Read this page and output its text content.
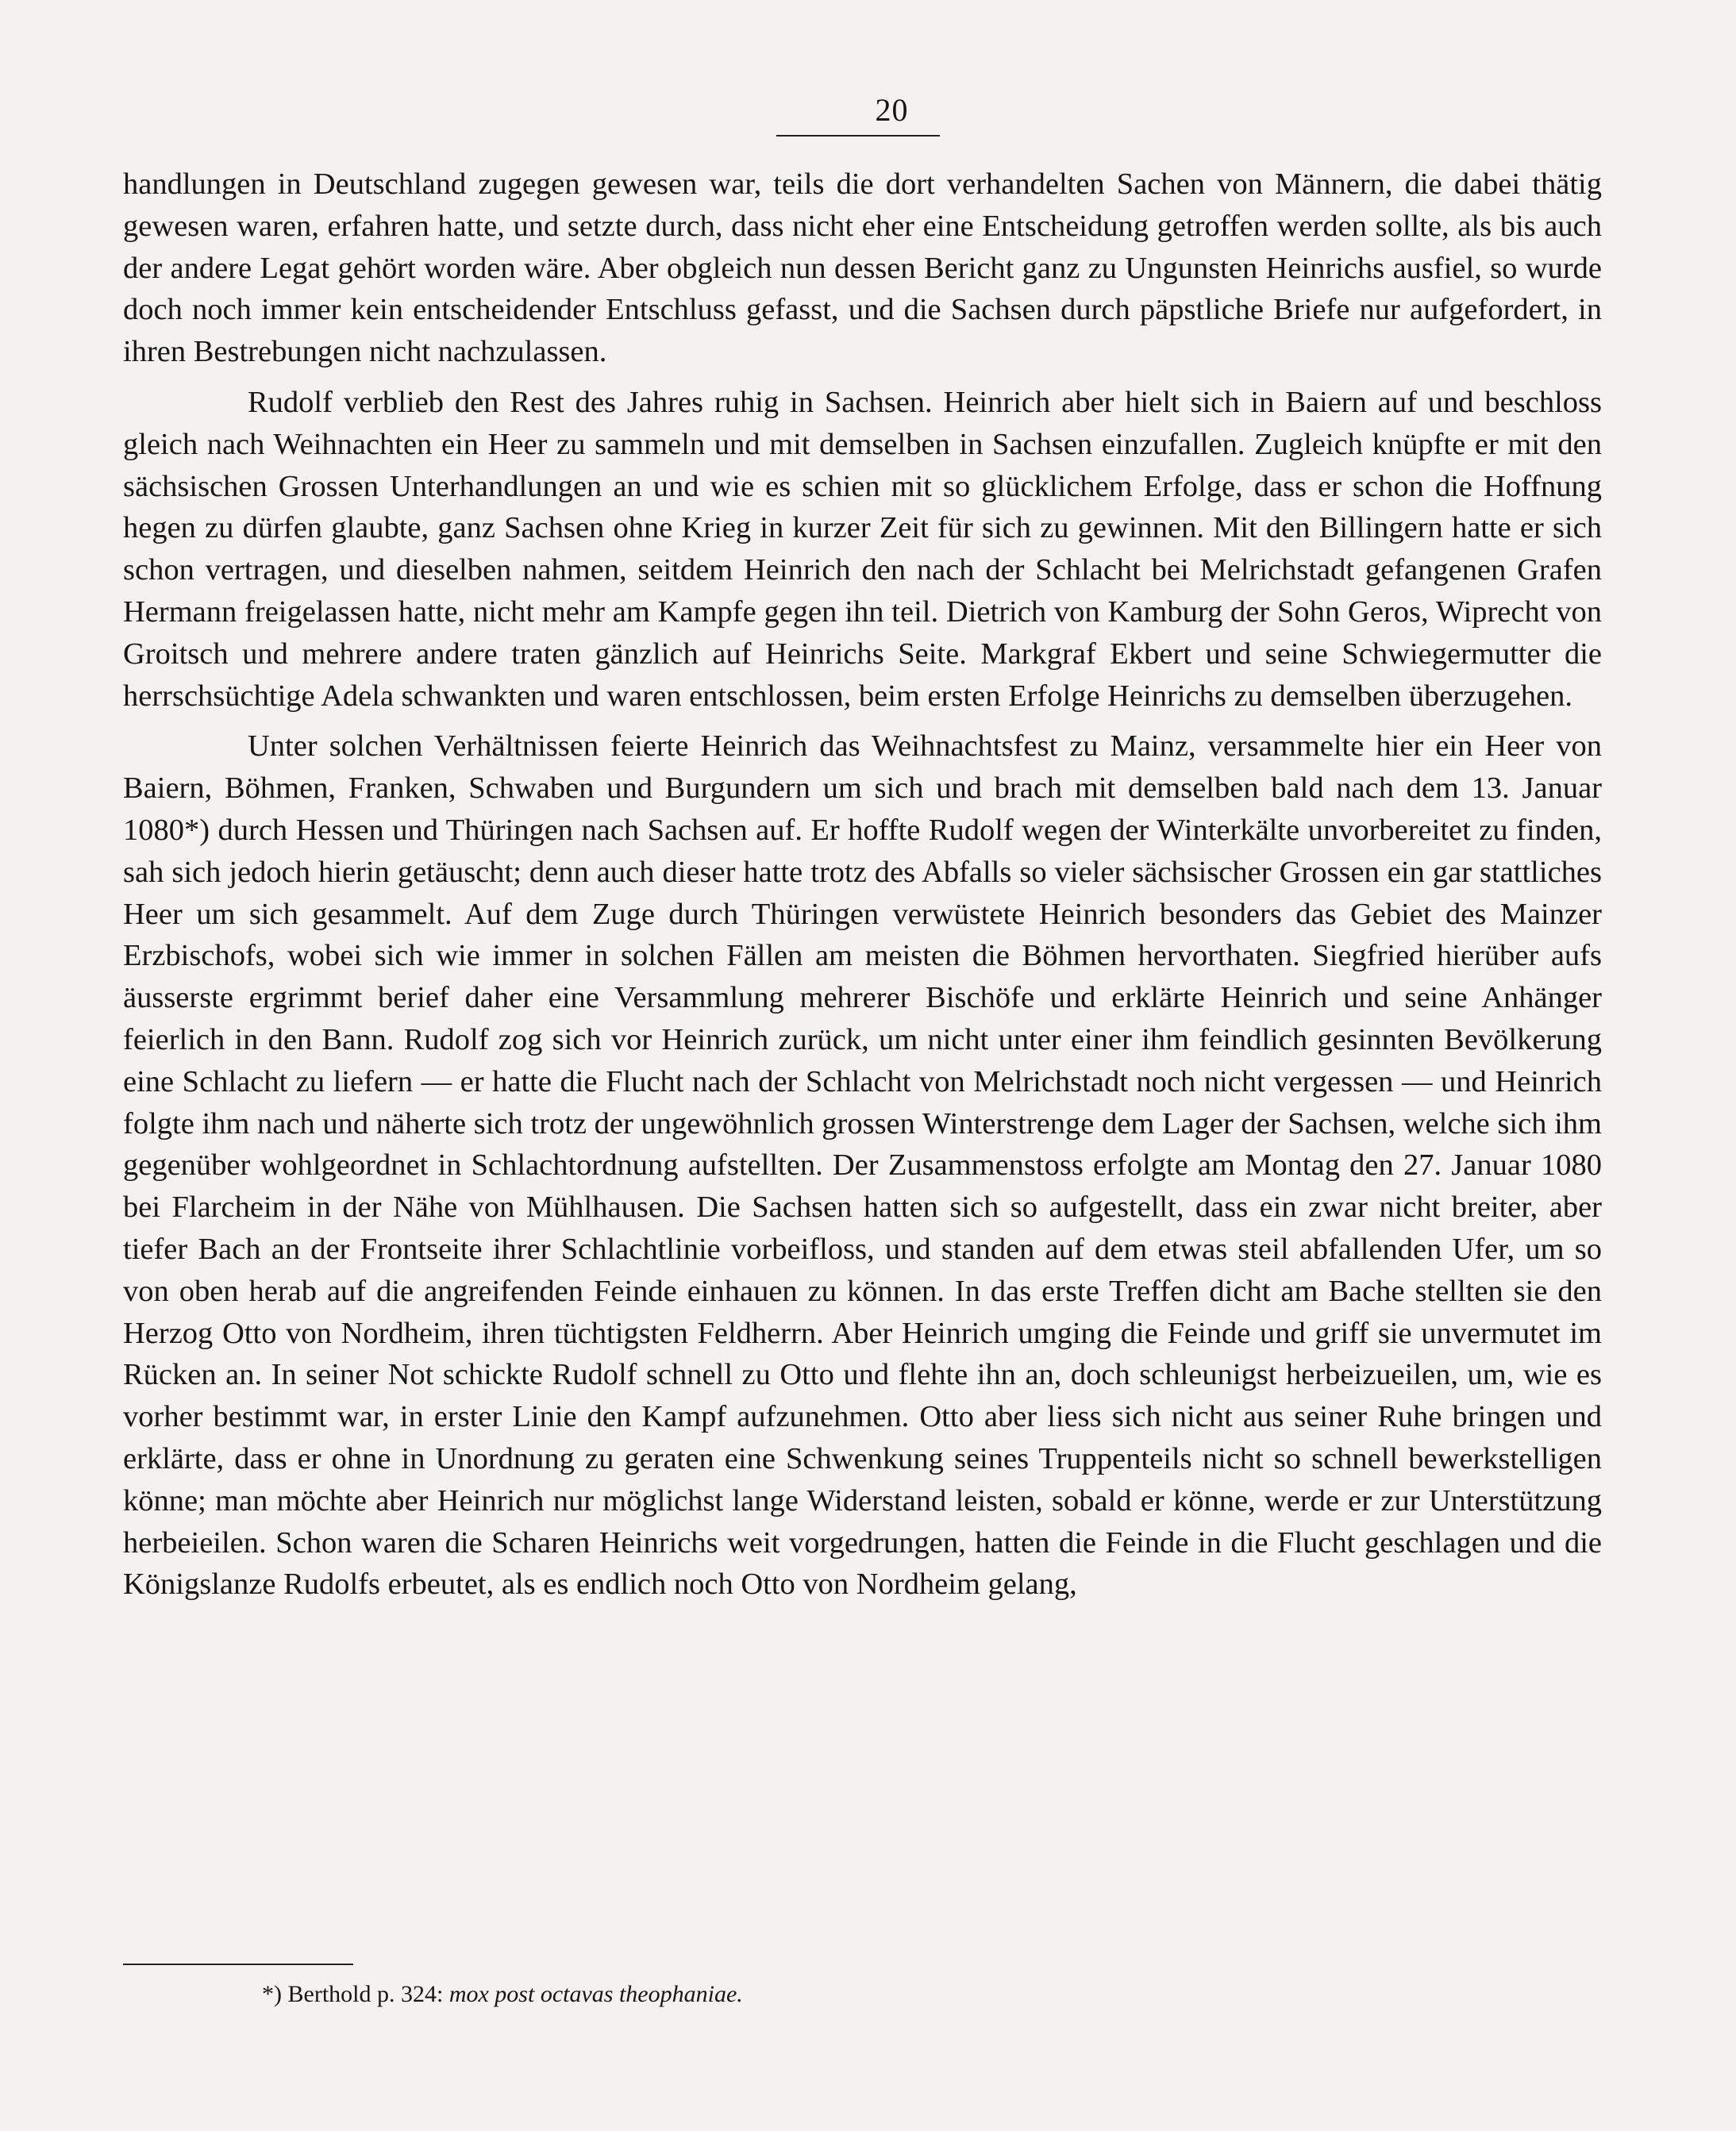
20

handlungen in Deutschland zugegen gewesen war, teils die dort verhandelten Sachen von Männern, die dabei thätig gewesen waren, erfahren hatte, und setzte durch, dass nicht eher eine Entscheidung getroffen werden sollte, als bis auch der andere Legat gehört worden wäre. Aber obgleich nun dessen Bericht ganz zu Ungunsten Heinrichs ausfiel, so wurde doch noch immer kein entscheidender Entschluss gefasst, und die Sachsen durch päpstliche Briefe nur aufgefordert, in ihren Bestrebungen nicht nachzulassen.

Rudolf verblieb den Rest des Jahres ruhig in Sachsen. Heinrich aber hielt sich in Baiern auf und beschloss gleich nach Weihnachten ein Heer zu sammeln und mit demselben in Sachsen einzufallen. Zugleich knüpfte er mit den sächsischen Grossen Unterhandlungen an und wie es schien mit so glücklichem Erfolge, dass er schon die Hoffnung hegen zu dürfen glaubte, ganz Sachsen ohne Krieg in kurzer Zeit für sich zu gewinnen. Mit den Billingern hatte er sich schon vertragen, und dieselben nahmen, seitdem Heinrich den nach der Schlacht bei Melrichstadt gefangenen Grafen Hermann freigelassen hatte, nicht mehr am Kampfe gegen ihn teil. Dietrich von Kamburg der Sohn Geros, Wiprecht von Groitsch und mehrere andere traten gänzlich auf Heinrichs Seite. Markgraf Ekbert und seine Schwiegermutter die herrschsüchtige Adela schwankten und waren entschlossen, beim ersten Erfolge Heinrichs zu demselben überzugehen.

Unter solchen Verhältnissen feierte Heinrich das Weihnachtsfest zu Mainz, versammelte hier ein Heer von Baiern, Böhmen, Franken, Schwaben und Burgundern um sich und brach mit demselben bald nach dem 13. Januar 1080*) durch Hessen und Thüringen nach Sachsen auf. Er hoffte Rudolf wegen der Winterkälte unvorbereitet zu finden, sah sich jedoch hierin getäuscht; denn auch dieser hatte trotz des Abfalls so vieler sächsischer Grossen ein gar stattliches Heer um sich gesammelt. Auf dem Zuge durch Thüringen verwüstete Heinrich besonders das Gebiet des Mainzer Erzbischofs, wobei sich wie immer in solchen Fällen am meisten die Böhmen hervorthaten. Siegfried hierüber aufs äusserste ergrimmt berief daher eine Versammlung mehrerer Bischöfe und erklärte Heinrich und seine Anhänger feierlich in den Bann. Rudolf zog sich vor Heinrich zurück, um nicht unter einer ihm feindlich gesinnten Bevölkerung eine Schlacht zu liefern — er hatte die Flucht nach der Schlacht von Melrichstadt noch nicht vergessen — und Heinrich folgte ihm nach und näherte sich trotz der ungewöhnlich grossen Winterstrenge dem Lager der Sachsen, welche sich ihm gegenüber wohlgeordnet in Schlachtordnung aufstellten. Der Zusammenstoss erfolgte am Montag den 27. Januar 1080 bei Flarcheim in der Nähe von Mühlhausen. Die Sachsen hatten sich so aufgestellt, dass ein zwar nicht breiter, aber tiefer Bach an der Frontseite ihrer Schlachtlinie vorbeifloss, und standen auf dem etwas steil abfallenden Ufer, um so von oben herab auf die angreifenden Feinde einhauen zu können. In das erste Treffen dicht am Bache stellten sie den Herzog Otto von Nordheim, ihren tüchtigsten Feldherrn. Aber Heinrich umging die Feinde und griff sie unvermutet im Rücken an. In seiner Not schickte Rudolf schnell zu Otto und flehte ihn an, doch schleunigst herbeizueilen, um, wie es vorher bestimmt war, in erster Linie den Kampf aufzunehmen. Otto aber liess sich nicht aus seiner Ruhe bringen und erklärte, dass er ohne in Unordnung zu geraten eine Schwenkung seines Truppenteils nicht so schnell bewerkstelligen könne; man möchte aber Heinrich nur möglichst lange Widerstand leisten, sobald er könne, werde er zur Unterstützung herbeieilen. Schon waren die Scharen Heinrichs weit vorgedrungen, hatten die Feinde in die Flucht geschlagen und die Königslanze Rudolfs erbeutet, als es endlich noch Otto von Nordheim gelang,

*) Berthold p. 324: mox post octavas theophaniae.
